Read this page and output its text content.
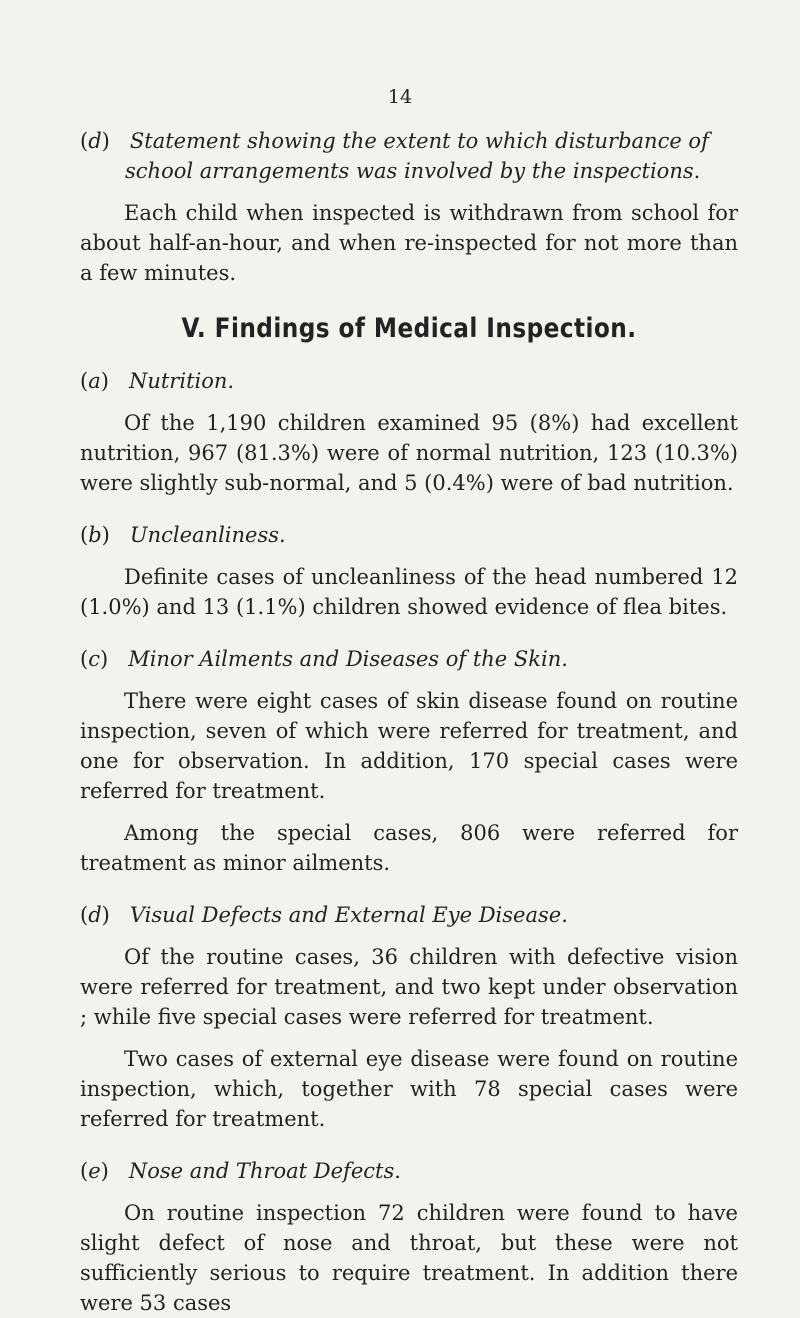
14
(d) Statement showing the extent to which disturbance of
school arrangements was involved by the inspections.

Each child when inspected is withdrawn from school for about half-an-hour, and when re-inspected for not more than a few minutes.

V. Findings of Medical Inspection.
(a) Nutrition.

Of the 1,190 children examined 95 (8%) had excellent nutrition, 967 (81.3%) were of normal nutrition, 123 (10.3%) were slightly sub-normal, and 5 (0.4%) were of bad nutrition.

(b) Uncleanliness.

Definite cases of uncleanliness of the head numbered 12 (1.0%) and 13 (1.1%) children showed evidence of flea bites.

(c) Minor Ailments and Diseases of the Skin.

There were eight cases of skin disease found on routine inspection, seven of which were referred for treatment, and one for observation. In addition, 170 special cases were referred for treatment.

Among the special cases, 806 were referred for treatment as minor ailments.

(d) Visual Defects and External Eye Disease.

Of the routine cases, 36 children with defective vision were referred for treatment, and two kept under observation ; while five special cases were referred for treatment.

Two cases of external eye disease were found on routine inspection, which, together with 78 special cases were referred for treatment.

(e) Nose and Throat Defects.

On routine inspection 72 children were found to have slight defect of nose and throat, but these were not sufficiently serious to require treatment. In addition there were 53 cases
